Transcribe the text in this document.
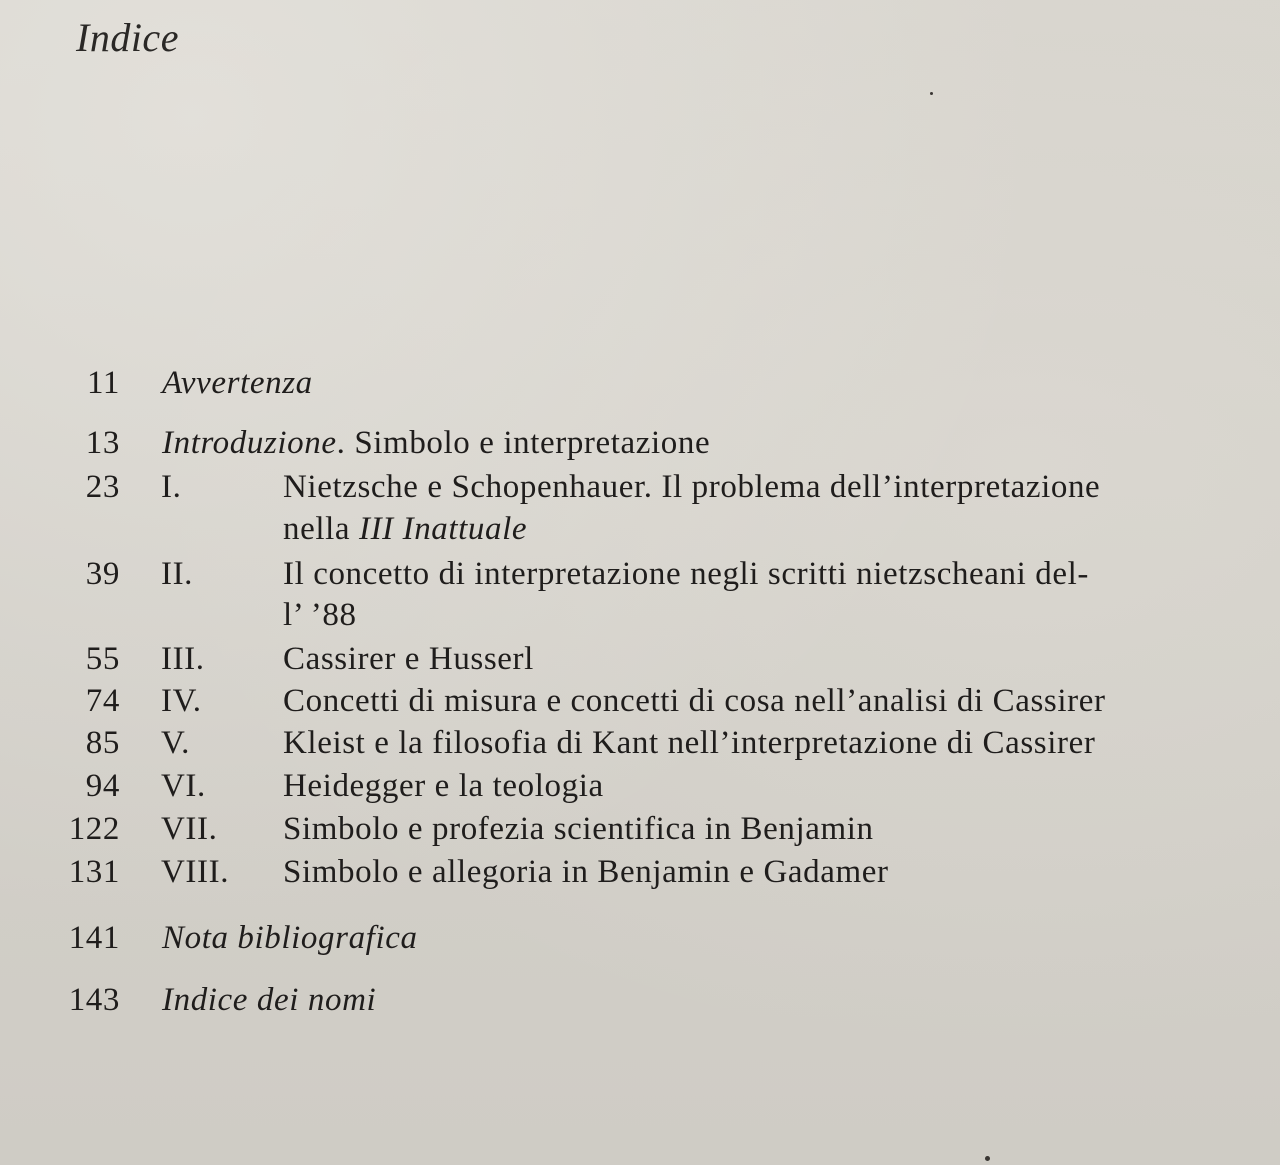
Indice
11 Avvertenza
13 Introduzione. Simbolo e interpretazione
23 I.	Nietzsche e Schopenhauer. Il problema dell’interpretazione
nella III Inattuale
39 II.	Il concetto di interpretazione negli scritti nietzscheani del-
l’ ’88
55 III. Cassirer e Husserl
74 IV. Concetti di misura e concetti di cosa nell’analisi di Cassirer
85 V.	Kleist e la filosofia di Kant nell’interpretazione di Cassirer
94 VI. Heidegger e la teologia
122 VII. Simbolo e profezia scientifica in Benjamin
131 VIII. Simbolo e allegoria in Benjamin e Gadamer
141 Nota bibliografica
143 Indice dei nomi
